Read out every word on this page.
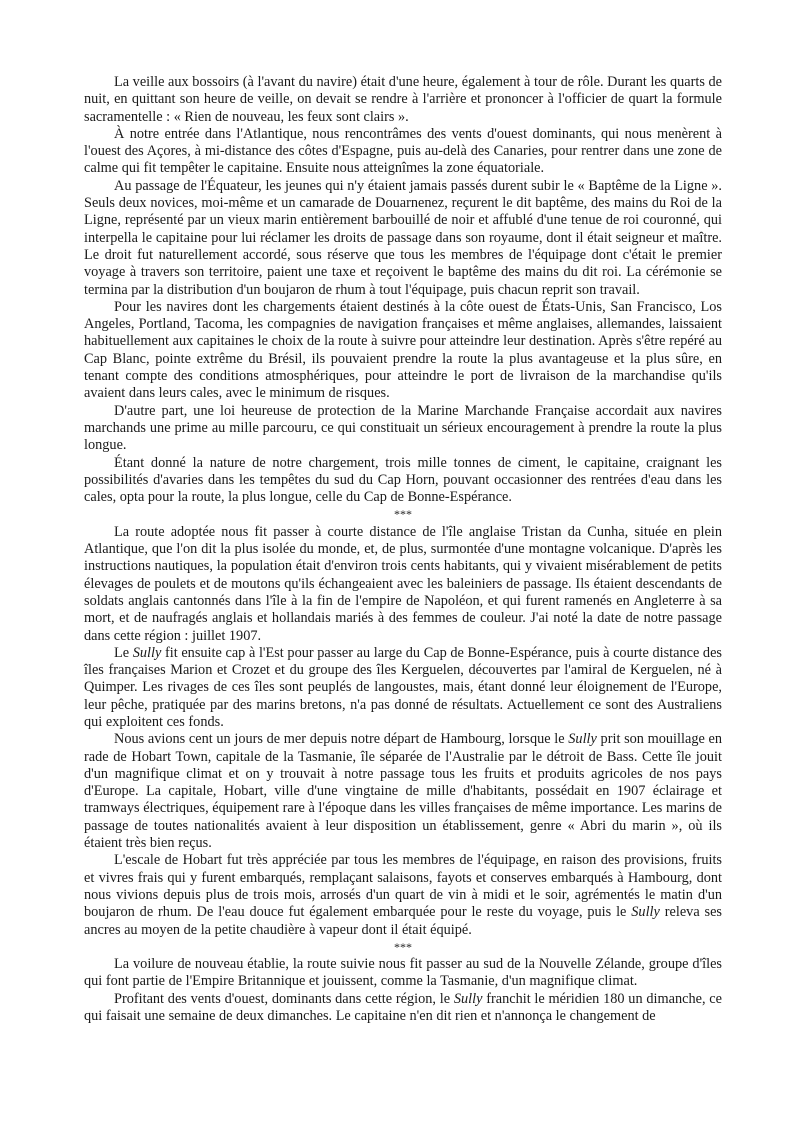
La veille aux bossoirs (à l'avant du navire) était d'une heure, également à tour de rôle. Durant les quarts de nuit, en quittant son heure de veille, on devait se rendre à l'arrière et prononcer à l'officier de quart la formule sacramentelle : « Rien de nouveau, les feux sont clairs ».

À notre entrée dans l'Atlantique, nous rencontrâmes des vents d'ouest dominants, qui nous menèrent à l'ouest des Açores, à mi-distance des côtes d'Espagne, puis au-delà des Canaries, pour rentrer dans une zone de calme qui fit tempêter le capitaine. Ensuite nous atteignîmes la zone équatoriale.

Au passage de l'Équateur, les jeunes qui n'y étaient jamais passés durent subir le « Baptême de la Ligne ». Seuls deux novices, moi-même et un camarade de Douarnenez, reçurent le dit baptême, des mains du Roi de la Ligne, représenté par un vieux marin entièrement barbouillé de noir et affublé d'une tenue de roi couronné, qui interpella le capitaine pour lui réclamer les droits de passage dans son royaume, dont il était seigneur et maître. Le droit fut naturellement accordé, sous réserve que tous les membres de l'équipage dont c'était le premier voyage à travers son territoire, paient une taxe et reçoivent le baptême des mains du dit roi. La cérémonie se termina par la distribution d'un boujaron de rhum à tout l'équipage, puis chacun reprit son travail.

Pour les navires dont les chargements étaient destinés à la côte ouest de États-Unis, San Francisco, Los Angeles, Portland, Tacoma, les compagnies de navigation françaises et même anglaises, allemandes, laissaient habituellement aux capitaines le choix de la route à suivre pour atteindre leur destination. Après s'être repéré au Cap Blanc, pointe extrême du Brésil, ils pouvaient prendre la route la plus avantageuse et la plus sûre, en tenant compte des conditions atmosphériques, pour atteindre le port de livraison de la marchandise qu'ils avaient dans leurs cales, avec le minimum de risques.

D'autre part, une loi heureuse de protection de la Marine Marchande Française accordait aux navires marchands une prime au mille parcouru, ce qui constituait un sérieux encouragement à prendre la route la plus longue.

Étant donné la nature de notre chargement, trois mille tonnes de ciment, le capitaine, craignant les possibilités d'avaries dans les tempêtes du sud du Cap Horn, pouvant occasionner des rentrées d'eau dans les cales, opta pour la route, la plus longue, celle du Cap de Bonne-Espérance.

***

La route adoptée nous fit passer à courte distance de l'île anglaise Tristan da Cunha, située en plein Atlantique, que l'on dit la plus isolée du monde, et, de plus, surmontée d'une montagne volcanique. D'après les instructions nautiques, la population était d'environ trois cents habitants, qui y vivaient misérablement de petits élevages de poulets et de moutons qu'ils échangeaient avec les baleiniers de passage. Ils étaient descendants de soldats anglais cantonnés dans l'île à la fin de l'empire de Napoléon, et qui furent ramenés en Angleterre à sa mort, et de naufragés anglais et hollandais mariés à des femmes de couleur. J'ai noté la date de notre passage dans cette région : juillet 1907.

Le Sully fit ensuite cap à l'Est pour passer au large du Cap de Bonne-Espérance, puis à courte distance des îles françaises Marion et Crozet et du groupe des îles Kerguelen, découvertes par l'amiral de Kerguelen, né à Quimper. Les rivages de ces îles sont peuplés de langoustes, mais, étant donné leur éloignement de l'Europe, leur pêche, pratiquée par des marins bretons, n'a pas donné de résultats. Actuellement ce sont des Australiens qui exploitent ces fonds.

Nous avions cent un jours de mer depuis notre départ de Hambourg, lorsque le Sully prit son mouillage en rade de Hobart Town, capitale de la Tasmanie, île séparée de l'Australie par le détroit de Bass. Cette île jouit d'un magnifique climat et on y trouvait à notre passage tous les fruits et produits agricoles de nos pays d'Europe. La capitale, Hobart, ville d'une vingtaine de mille d'habitants, possédait en 1907 éclairage et tramways électriques, équipement rare à l'époque dans les villes françaises de même importance. Les marins de passage de toutes nationalités avaient à leur disposition un établissement, genre « Abri du marin », où ils étaient très bien reçus.

L'escale de Hobart fut très appréciée par tous les membres de l'équipage, en raison des provisions, fruits et vivres frais qui y furent embarqués, remplaçant salaisons, fayots et conserves embarqués à Hambourg, dont nous vivions depuis plus de trois mois, arrosés d'un quart de vin à midi et le soir, agrémentés le matin d'un boujaron de rhum. De l'eau douce fut également embarquée pour le reste du voyage, puis le Sully releva ses ancres au moyen de la petite chaudière à vapeur dont il était équipé.

***

La voilure de nouveau établie, la route suivie nous fit passer au sud de la Nouvelle Zélande, groupe d'îles qui font partie de l'Empire Britannique et jouissent, comme la Tasmanie, d'un magnifique climat.

Profitant des vents d'ouest, dominants dans cette région, le Sully franchit le méridien 180 un dimanche, ce qui faisait une semaine de deux dimanches. Le capitaine n'en dit rien et n'annonça le changement de
